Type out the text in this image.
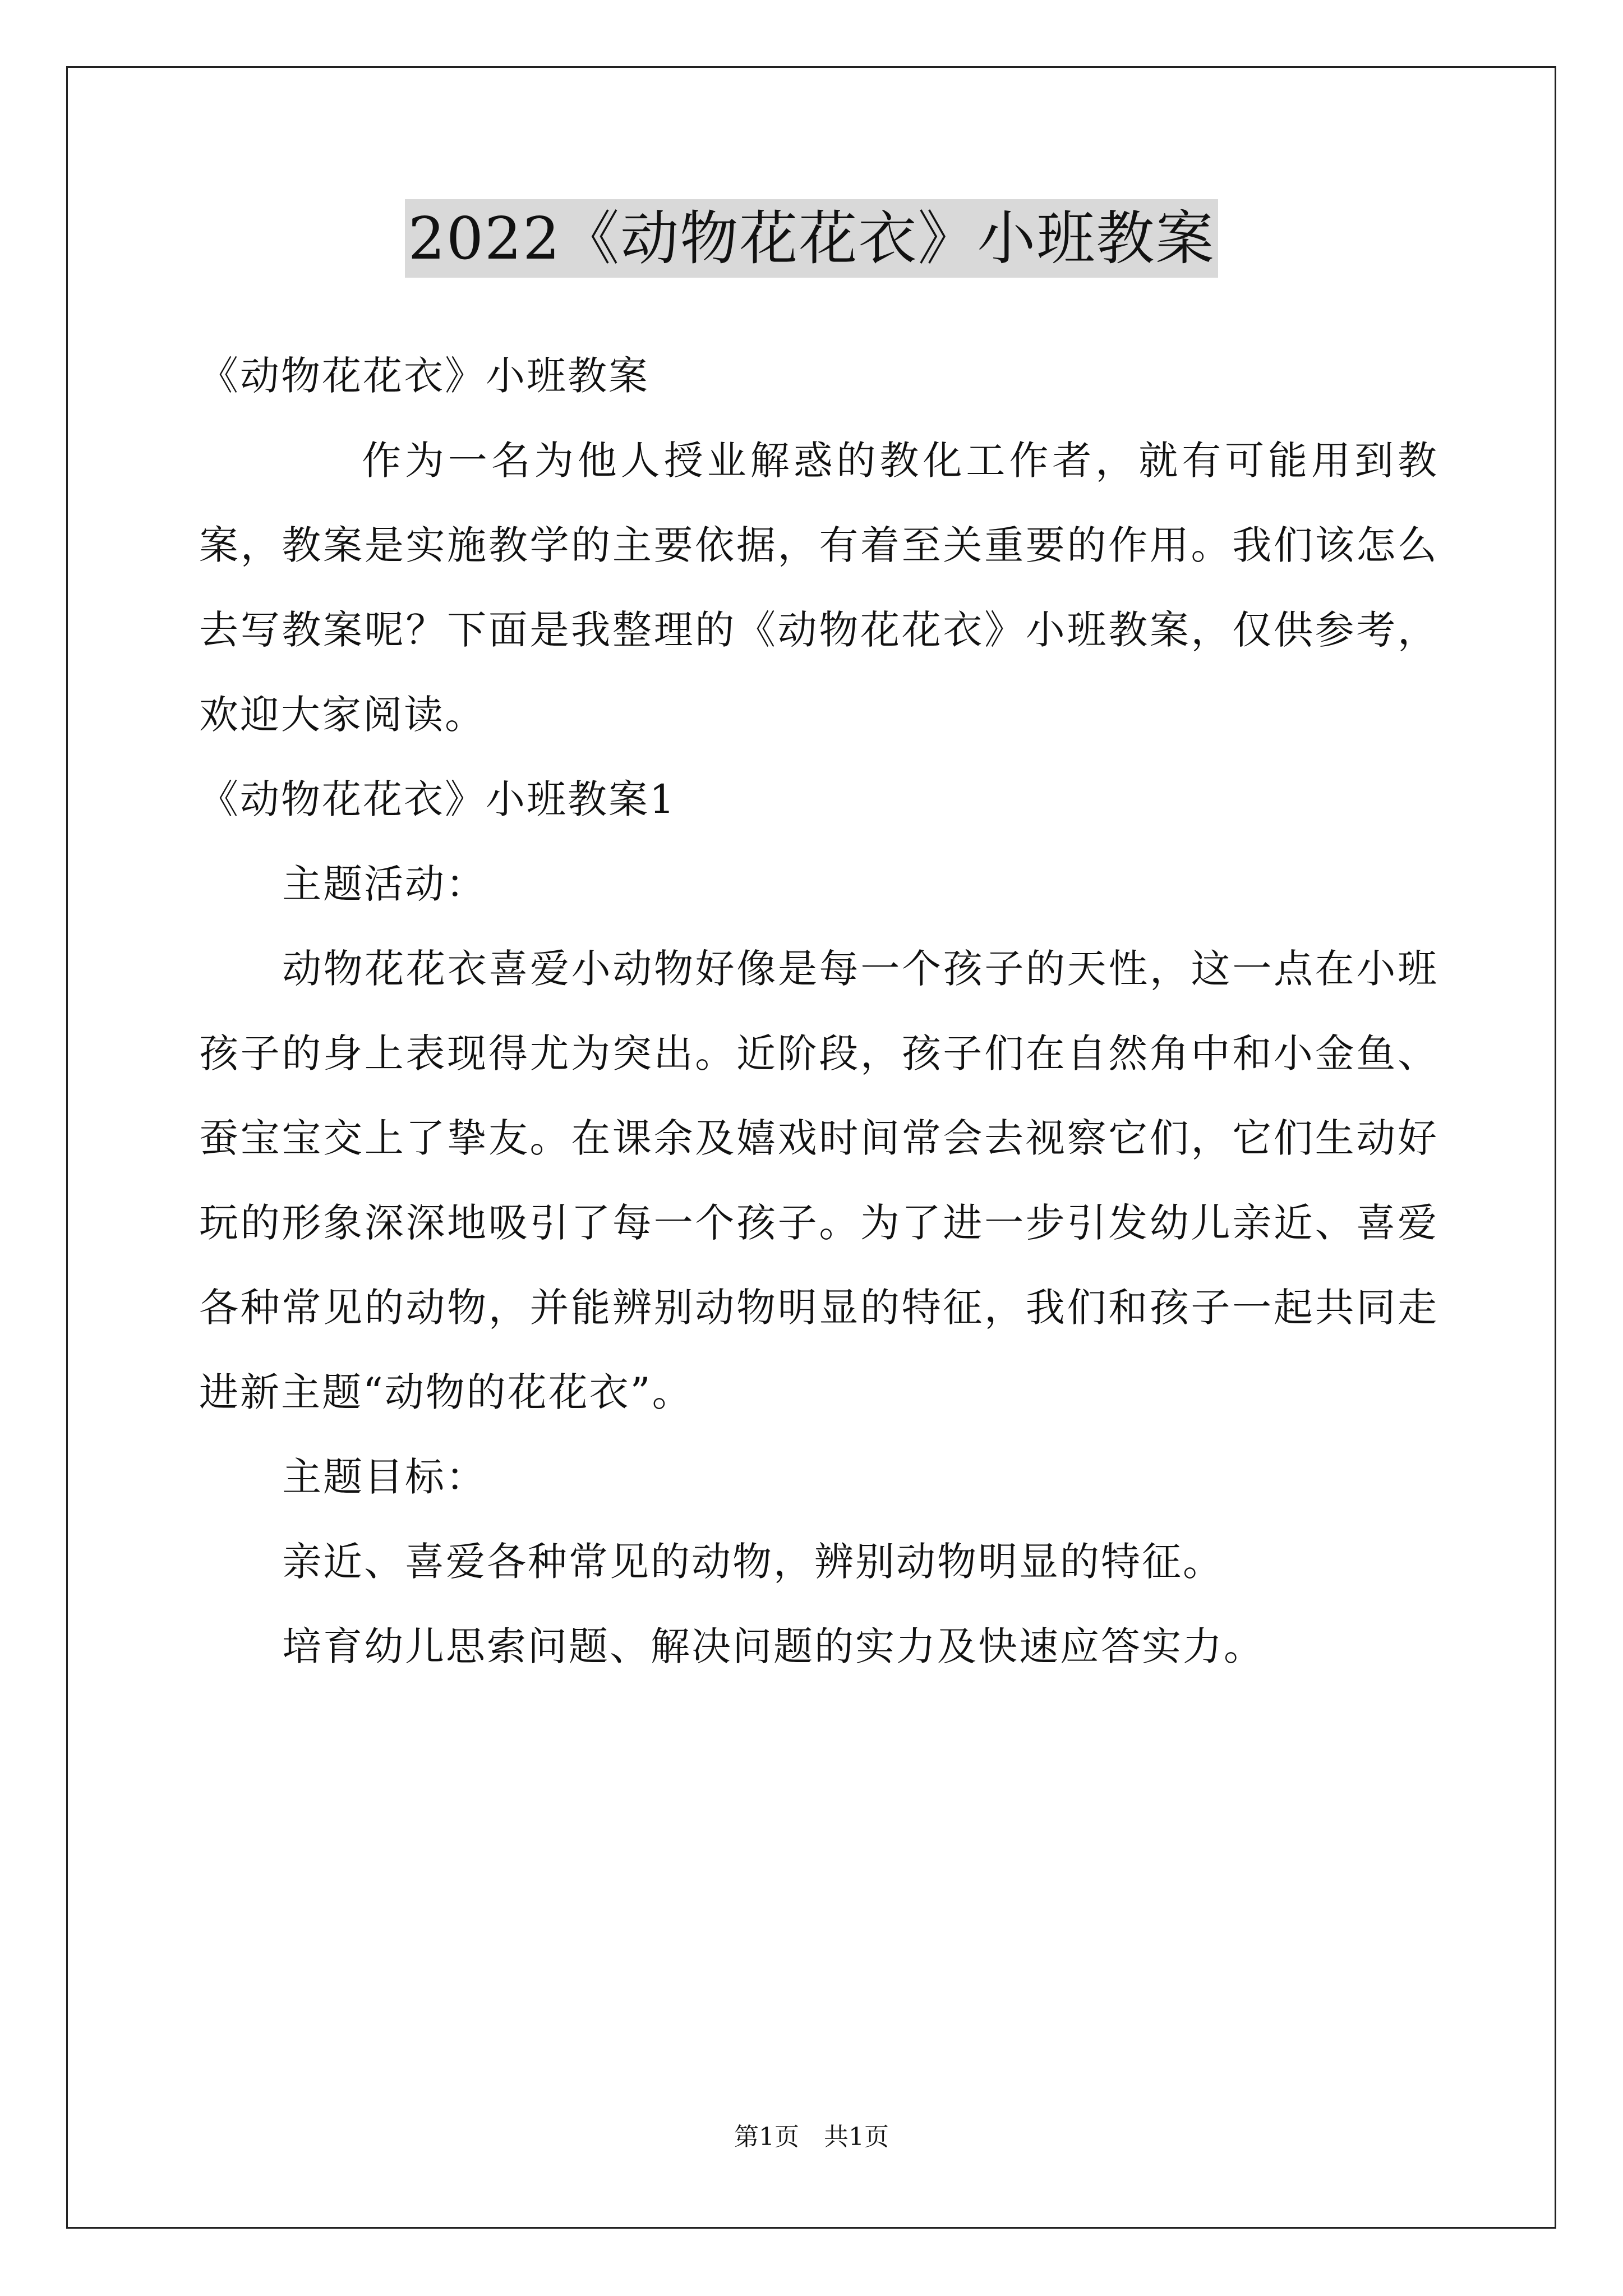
2022《动物花花衣》小班教案

《动物花花衣》小班教案

作为一名为他人授业解惑的教化工作者，就有可能用到教案，教案是实施教学的主要依据，有着至关重要的作用。我们该怎么去写教案呢？下面是我整理的《动物花花衣》小班教案，仅供参考，欢迎大家阅读。

《动物花花衣》小班教案1

主题活动：

动物花花衣喜爱小动物好像是每一个孩子的天性，这一点在小班孩子的身上表现得尤为突出。近阶段，孩子们在自然角中和小金鱼、蚕宝宝交上了挚友。在课余及嬉戏时间常会去视察它们，它们生动好玩的形象深深地吸引了每一个孩子。为了进一步引发幼儿亲近、喜爱各种常见的动物，并能辨别动物明显的特征，我们和孩子一起共同走进新主题“动物的花花衣”。

主题目标：

亲近、喜爱各种常见的动物，辨别动物明显的特征。

培育幼儿思索问题、解决问题的实力及快速应答实力。

第1页　共1页
